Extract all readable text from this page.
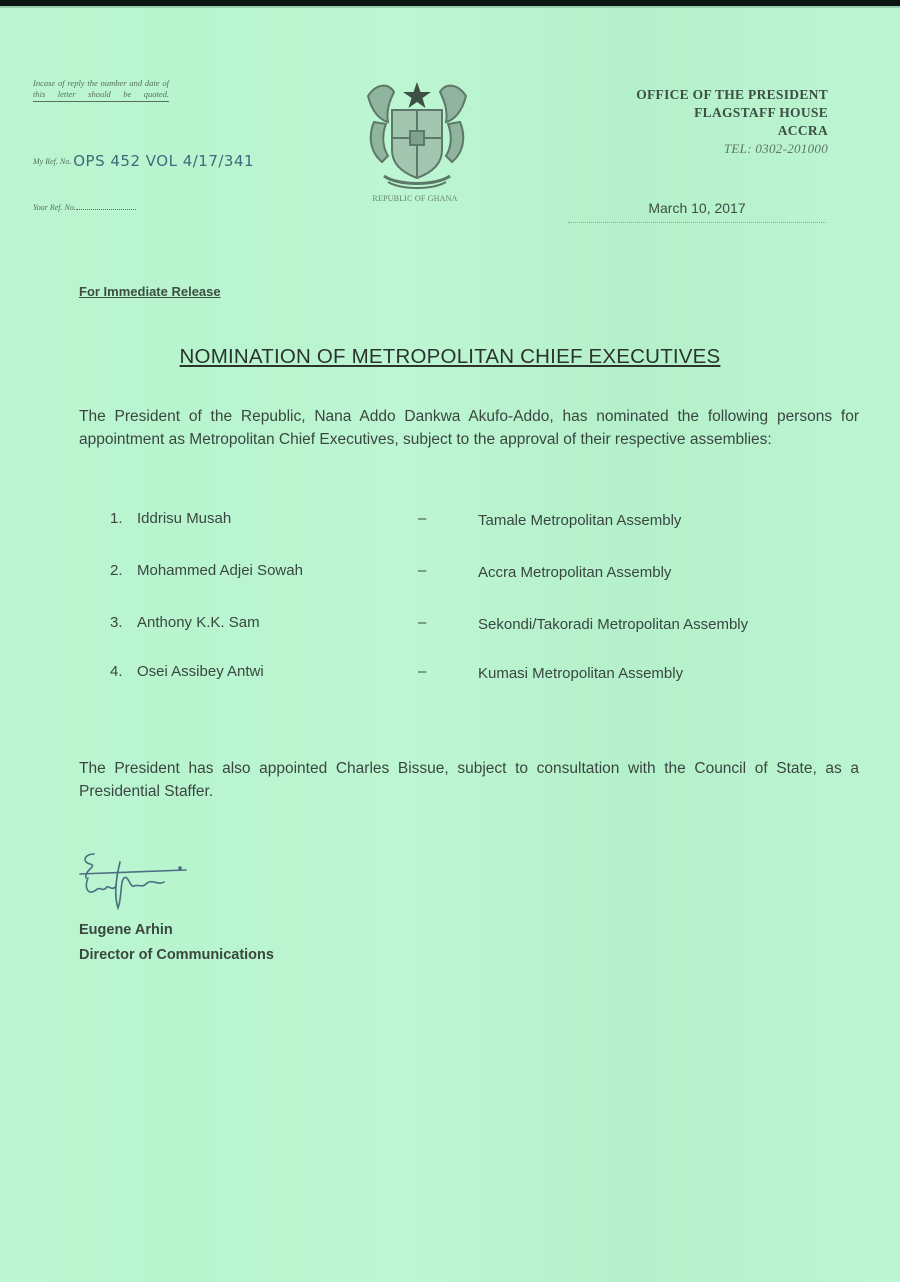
Incase of reply the number and date of this letter should be quoted.
My Ref. No. OPS 452 VOL 4/17/341
Your Ref. No.
REPUBLIC OF GHANA
OFFICE OF THE PRESIDENT
FLAGSTAFF HOUSE
ACCRA
TEL: 0302-201000
March 10, 2017
For Immediate Release
NOMINATION OF METROPOLITAN CHIEF EXECUTIVES
The President of the Republic, Nana Addo Dankwa Akufo-Addo, has nominated the following persons for appointment as Metropolitan Chief Executives, subject to the approval of their respective assemblies:
1. Iddrisu Musah	–	Tamale Metropolitan Assembly
2. Mohammed Adjei Sowah	–	Accra Metropolitan Assembly
3. Anthony K.K. Sam	–	Sekondi/Takoradi Metropolitan Assembly
4. Osei Assibey Antwi	–	Kumasi Metropolitan Assembly
The President has also appointed Charles Bissue, subject to consultation with the Council of State, as a Presidential Staffer.
Eugene Arhin
Director of Communications
